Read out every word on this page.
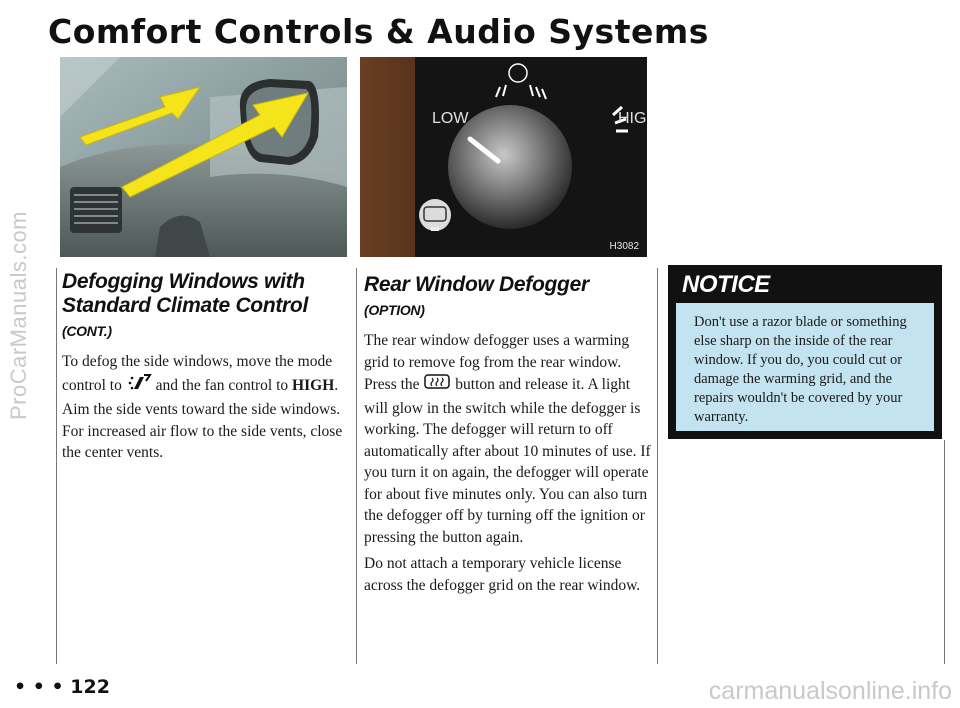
ProCarManuals.com
carmanualsonline.info
Comfort Controls & Audio Systems
LOW	HIG
H3082
Defogging Windows with Standard Climate Control (CONT.)

To defog the side windows, move the mode control to and the fan control to HIGH. Aim the side vents toward the side windows. For increased air flow to the side vents, close the center vents.

Rear Window Defogger (OPTION)

The rear window defogger uses a warming grid to remove fog from the rear window. Press the button and release it. A light will glow in the switch while the defogger is working. The defogger will return to off automatically after about 10 minutes of use. If you turn it on again, the defogger will operate for about five minutes only. You can also turn the defogger off by turning off the ignition or pressing the button again.

Do not attach a temporary vehicle license across the defogger grid on the rear window.

NOTICE
Don't use a razor blade or something else sharp on the inside of the rear window. If you do, you could cut or damage the warming grid, and the repairs wouldn't be covered by your warranty.
• • • 122
